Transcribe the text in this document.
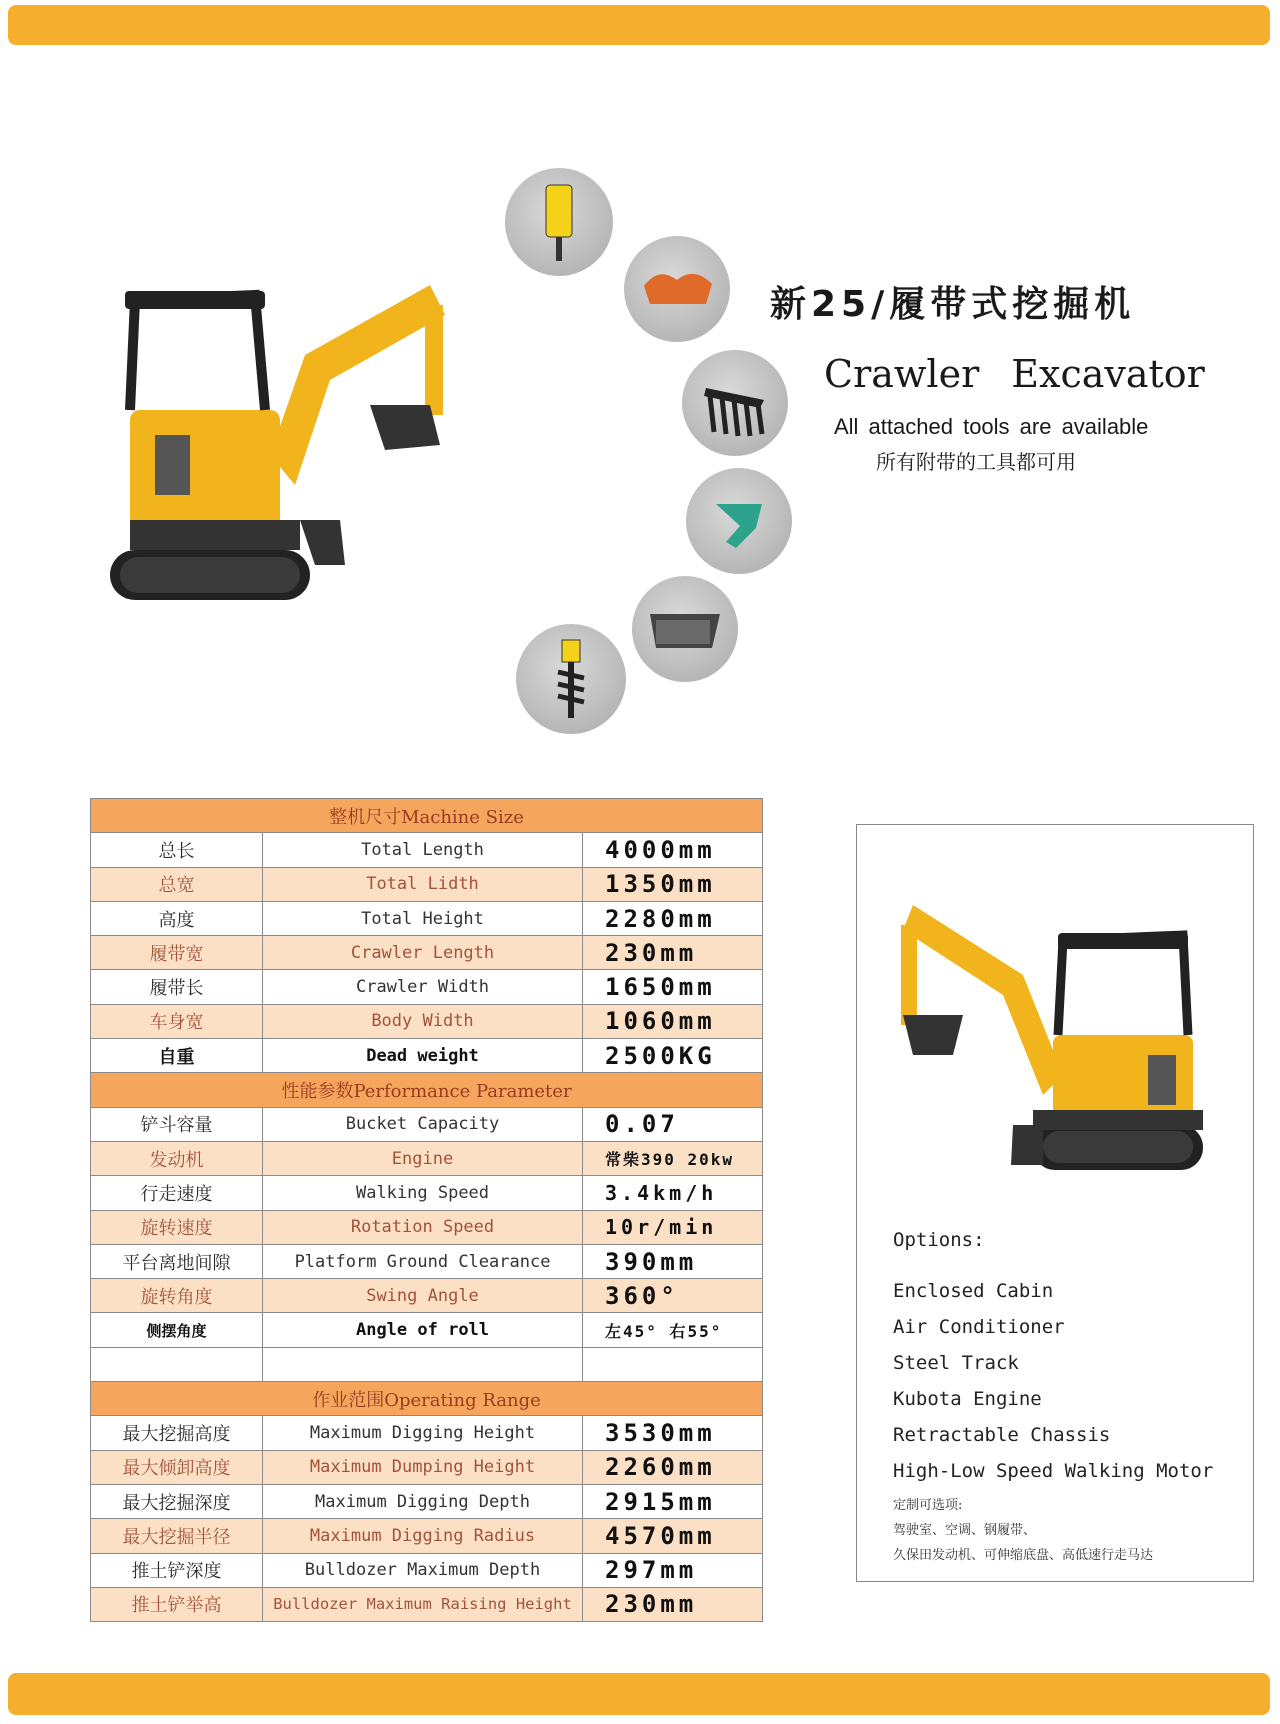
新25/履带式挖掘机
Crawler Excavator
All attached tools are available
所有附带的工具都可用
整机尺寸Machine Size		
总长	Total Length	4000mm
总宽	Total Lidth	1350mm
高度	Total Height	2280mm
履带宽	Crawler Length	230mm
履带长	Crawler Width	1650mm
车身宽	Body Width	1060mm
自重	Dead weight	2500KG
性能参数Performance Parameter		
铲斗容量	Bucket Capacity	0.07
发动机	Engine	常柴390 20kw
行走速度	Walking Speed	3.4km/h
旋转速度	Rotation Speed	10r/min
平台离地间隙	Platform Ground Clearance	390mm
旋转角度	Swing Angle	360°
侧摆角度	Angle of roll	左45° 右55°

作业范围Operating Range		
最大挖掘高度	Maximum Digging Height	3530mm
最大倾卸高度	Maximum Dumping Height	2260mm
最大挖掘深度	Maximum Digging Depth	2915mm
最大挖掘半径	Maximum Digging Radius	4570mm
推土铲深度	Bulldozer Maximum Depth	297mm
推土铲举高	Bulldozer Maximum Raising Height	230mm
Options:
Enclosed Cabin
Air Conditioner
Steel Track
Kubota Engine
Retractable Chassis
High-Low Speed Walking Motor
定制可选项:
驾驶室、空调、钢履带、
久保田发动机、可伸缩底盘、高低速行走马达
